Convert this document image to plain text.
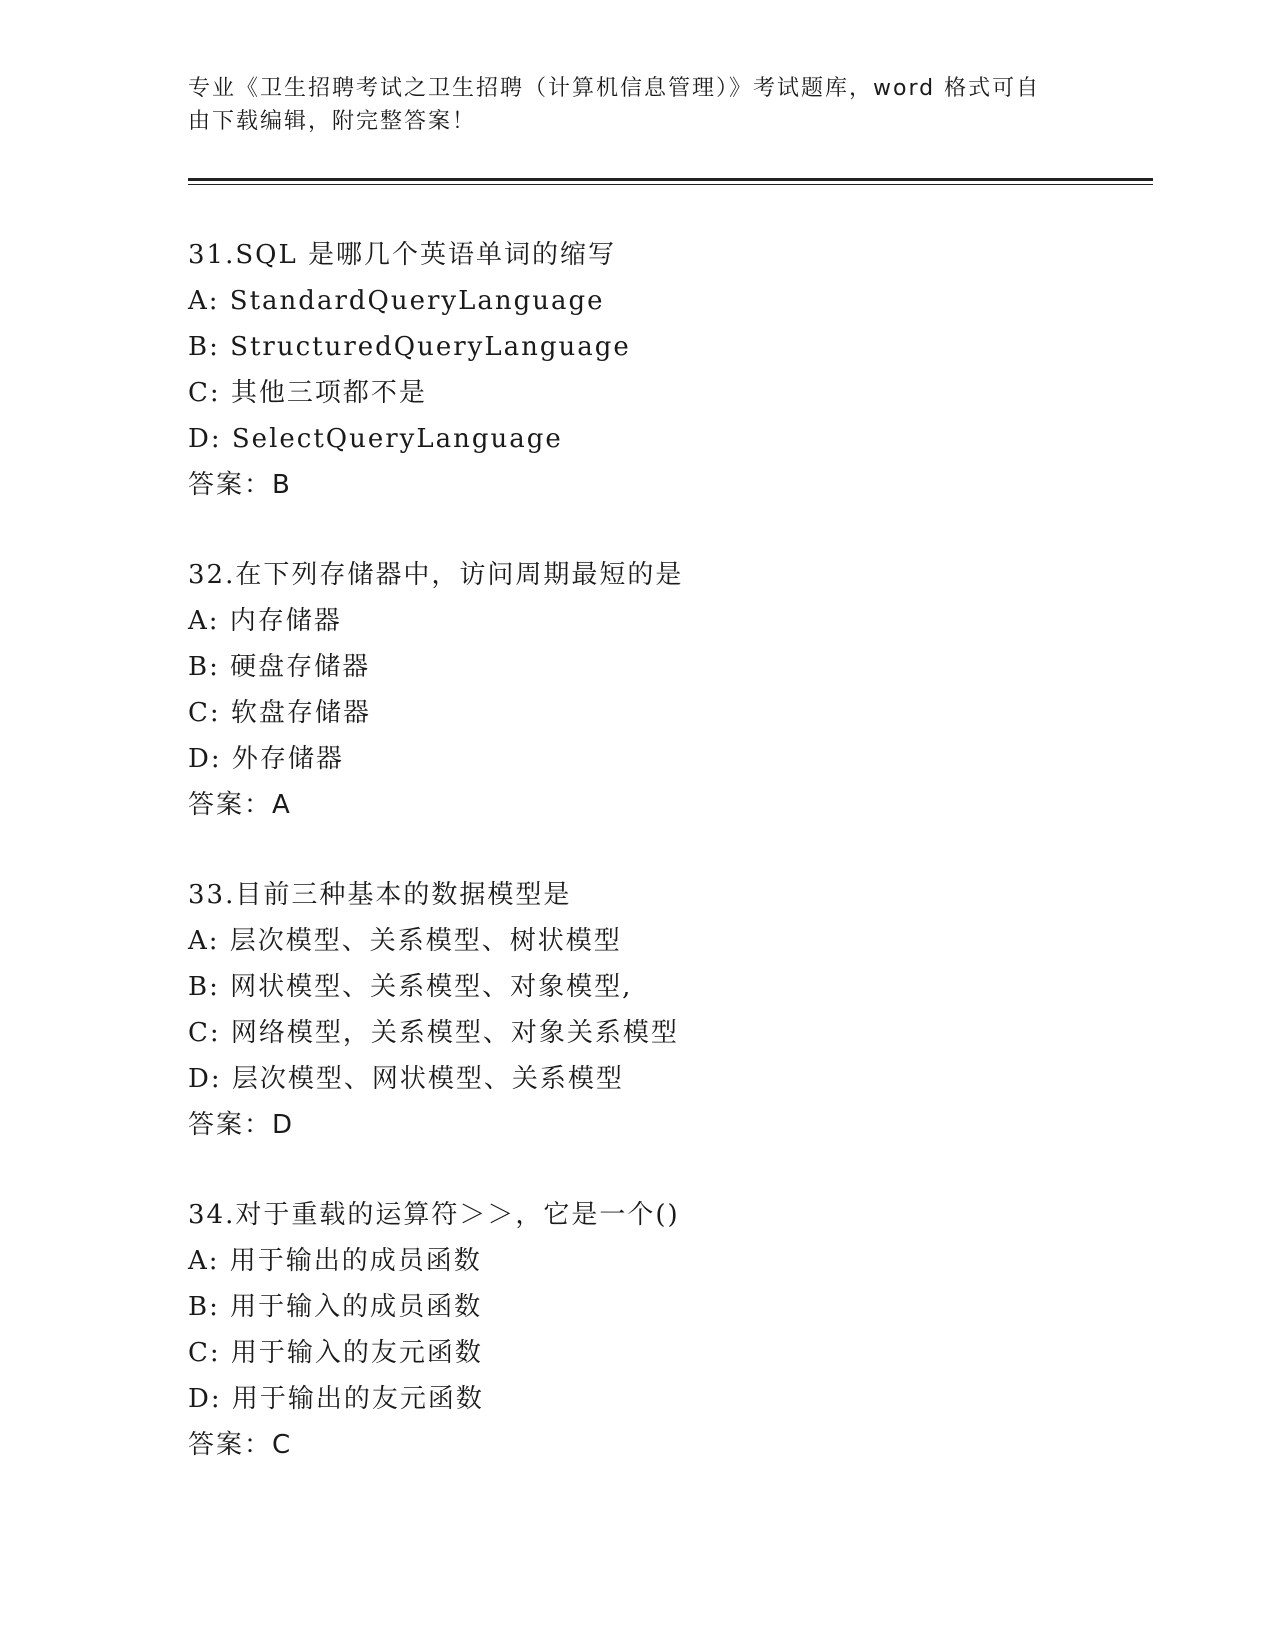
专业《卫生招聘考试之卫生招聘（计算机信息管理）》考试题库，word 格式可自
由下载编辑，附完整答案！
31.SQL 是哪几个英语单词的缩写
A: StandardQueryLanguage
B: StructuredQueryLanguage
C: 其他三项都不是
D: SelectQueryLanguage
答案：B
32.在下列存储器中，访问周期最短的是
A: 内存储器
B: 硬盘存储器
C: 软盘存储器
D: 外存储器
答案：A
33.目前三种基本的数据模型是
A: 层次模型、关系模型、树状模型
B: 网状模型、关系模型、对象模型,
C: 网络模型，关系模型、对象关系模型
D: 层次模型、网状模型、关系模型
答案：D
34.对于重载的运算符＞＞，它是一个()
A: 用于输出的成员函数
B: 用于输入的成员函数
C: 用于输入的友元函数
D: 用于输出的友元函数
答案：C
